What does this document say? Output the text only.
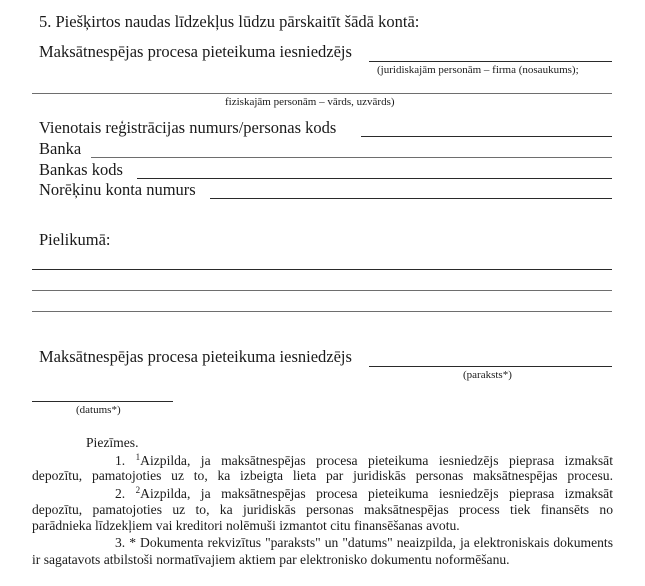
5. Piešķirtos naudas līdzekļus lūdzu pārskaitīt šādā kontā:
Maksātnespējas procesa pieteikuma iesniedzējs
(juridiskajām personām – firma (nosaukums);
fiziskajām personām – vārds, uzvārds)
Vienotais reģistrācijas numurs/personas kods
Banka
Bankas kods
Norēķinu konta numurs
Pielikumā:
Maksātnespējas procesa pieteikuma iesniedzējs
(paraksts*)
(datums*)
Piezīmes.
1. $^1$Aizpilda, ja maksātnespējas procesa pieteikuma iesniedzējs pieprasa izmaksāt
depozītu, pamatojoties uz to, ka izbeigta lieta par juridiskās personas maksātnespējas procesu.
2. $^2$Aizpilda, ja maksātnespējas procesa pieteikuma iesniedzējs pieprasa izmaksāt
depozītu, pamatojoties uz to, ka juridiskās personas maksātnespējas process tiek finansēts no
parādnieka līdzekļiem vai kreditori nolēmuši izmantot citu finansēšanas avotu.
3. * Dokumenta rekvizītus "paraksts" un "datums" neaizpilda, ja elektroniskais dokuments
ir sagatavots atbilstoši normatīvajiem aktiem par elektronisko dokumentu noformēšanu.
